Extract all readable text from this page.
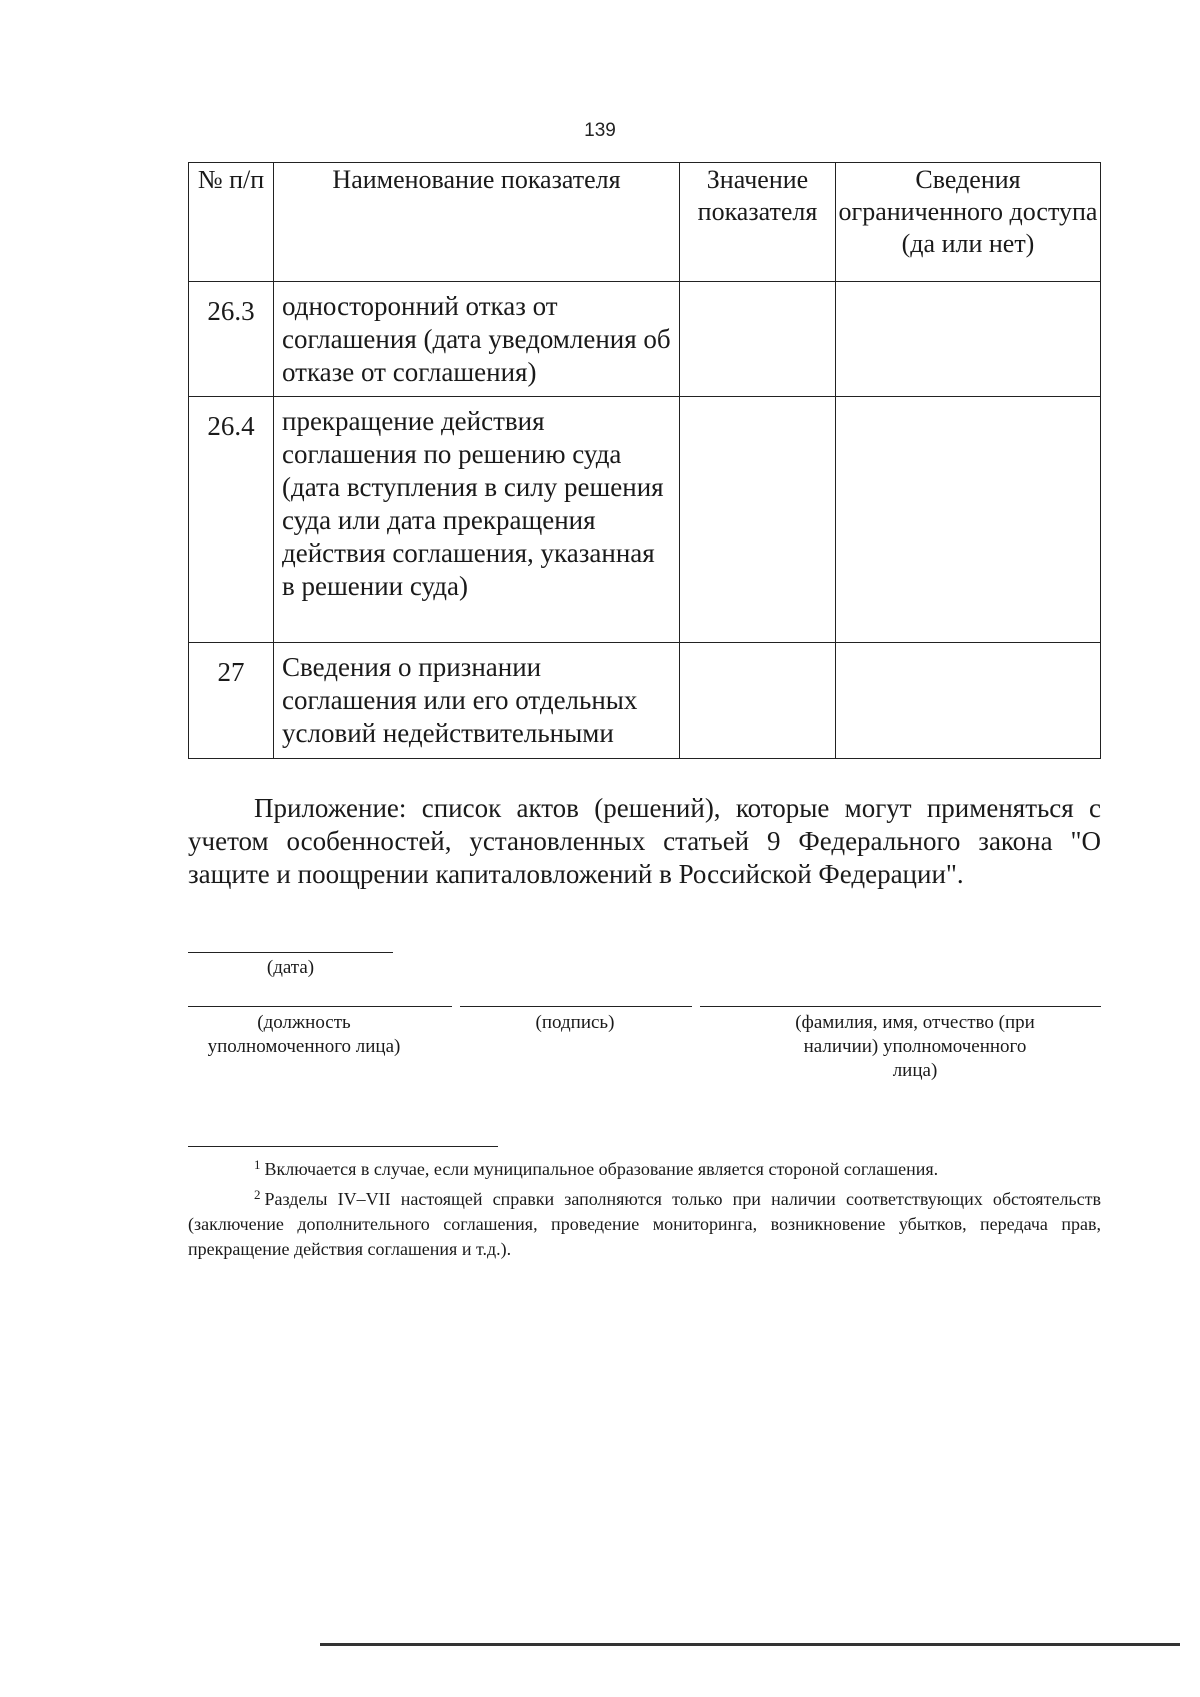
139
№ п/п	Наименование показателя	Значение показателя	Сведения ограниченного доступа (да или нет)
26.3	односторонний отказ от соглашения (дата уведомления об отказе от соглашения)		
26.4	прекращение действия соглашения по решению суда (дата вступления в силу решения суда или дата прекращения действия соглашения, указанная в решении суда)		
27	Сведения о признании соглашения или его отдельных условий недействительными		
Приложение: список актов (решений), которые могут применяться с учетом особенностей, установленных статьей 9 Федерального закона "О защите и поощрении капиталовложений в Российской Федерации".
(дата)
(должность уполномоченного лица)
(подпись)	(фамилия, имя, отчество (при наличии) уполномоченного лица)
$^1$ Включается в случае, если муниципальное образование является стороной соглашения.
$^2$ Разделы IV–VII настоящей справки заполняются только при наличии соответствующих обстоятельств (заключение дополнительного соглашения, проведение мониторинга, возникновение убытков, передача прав, прекращение действия соглашения и т.д.).
